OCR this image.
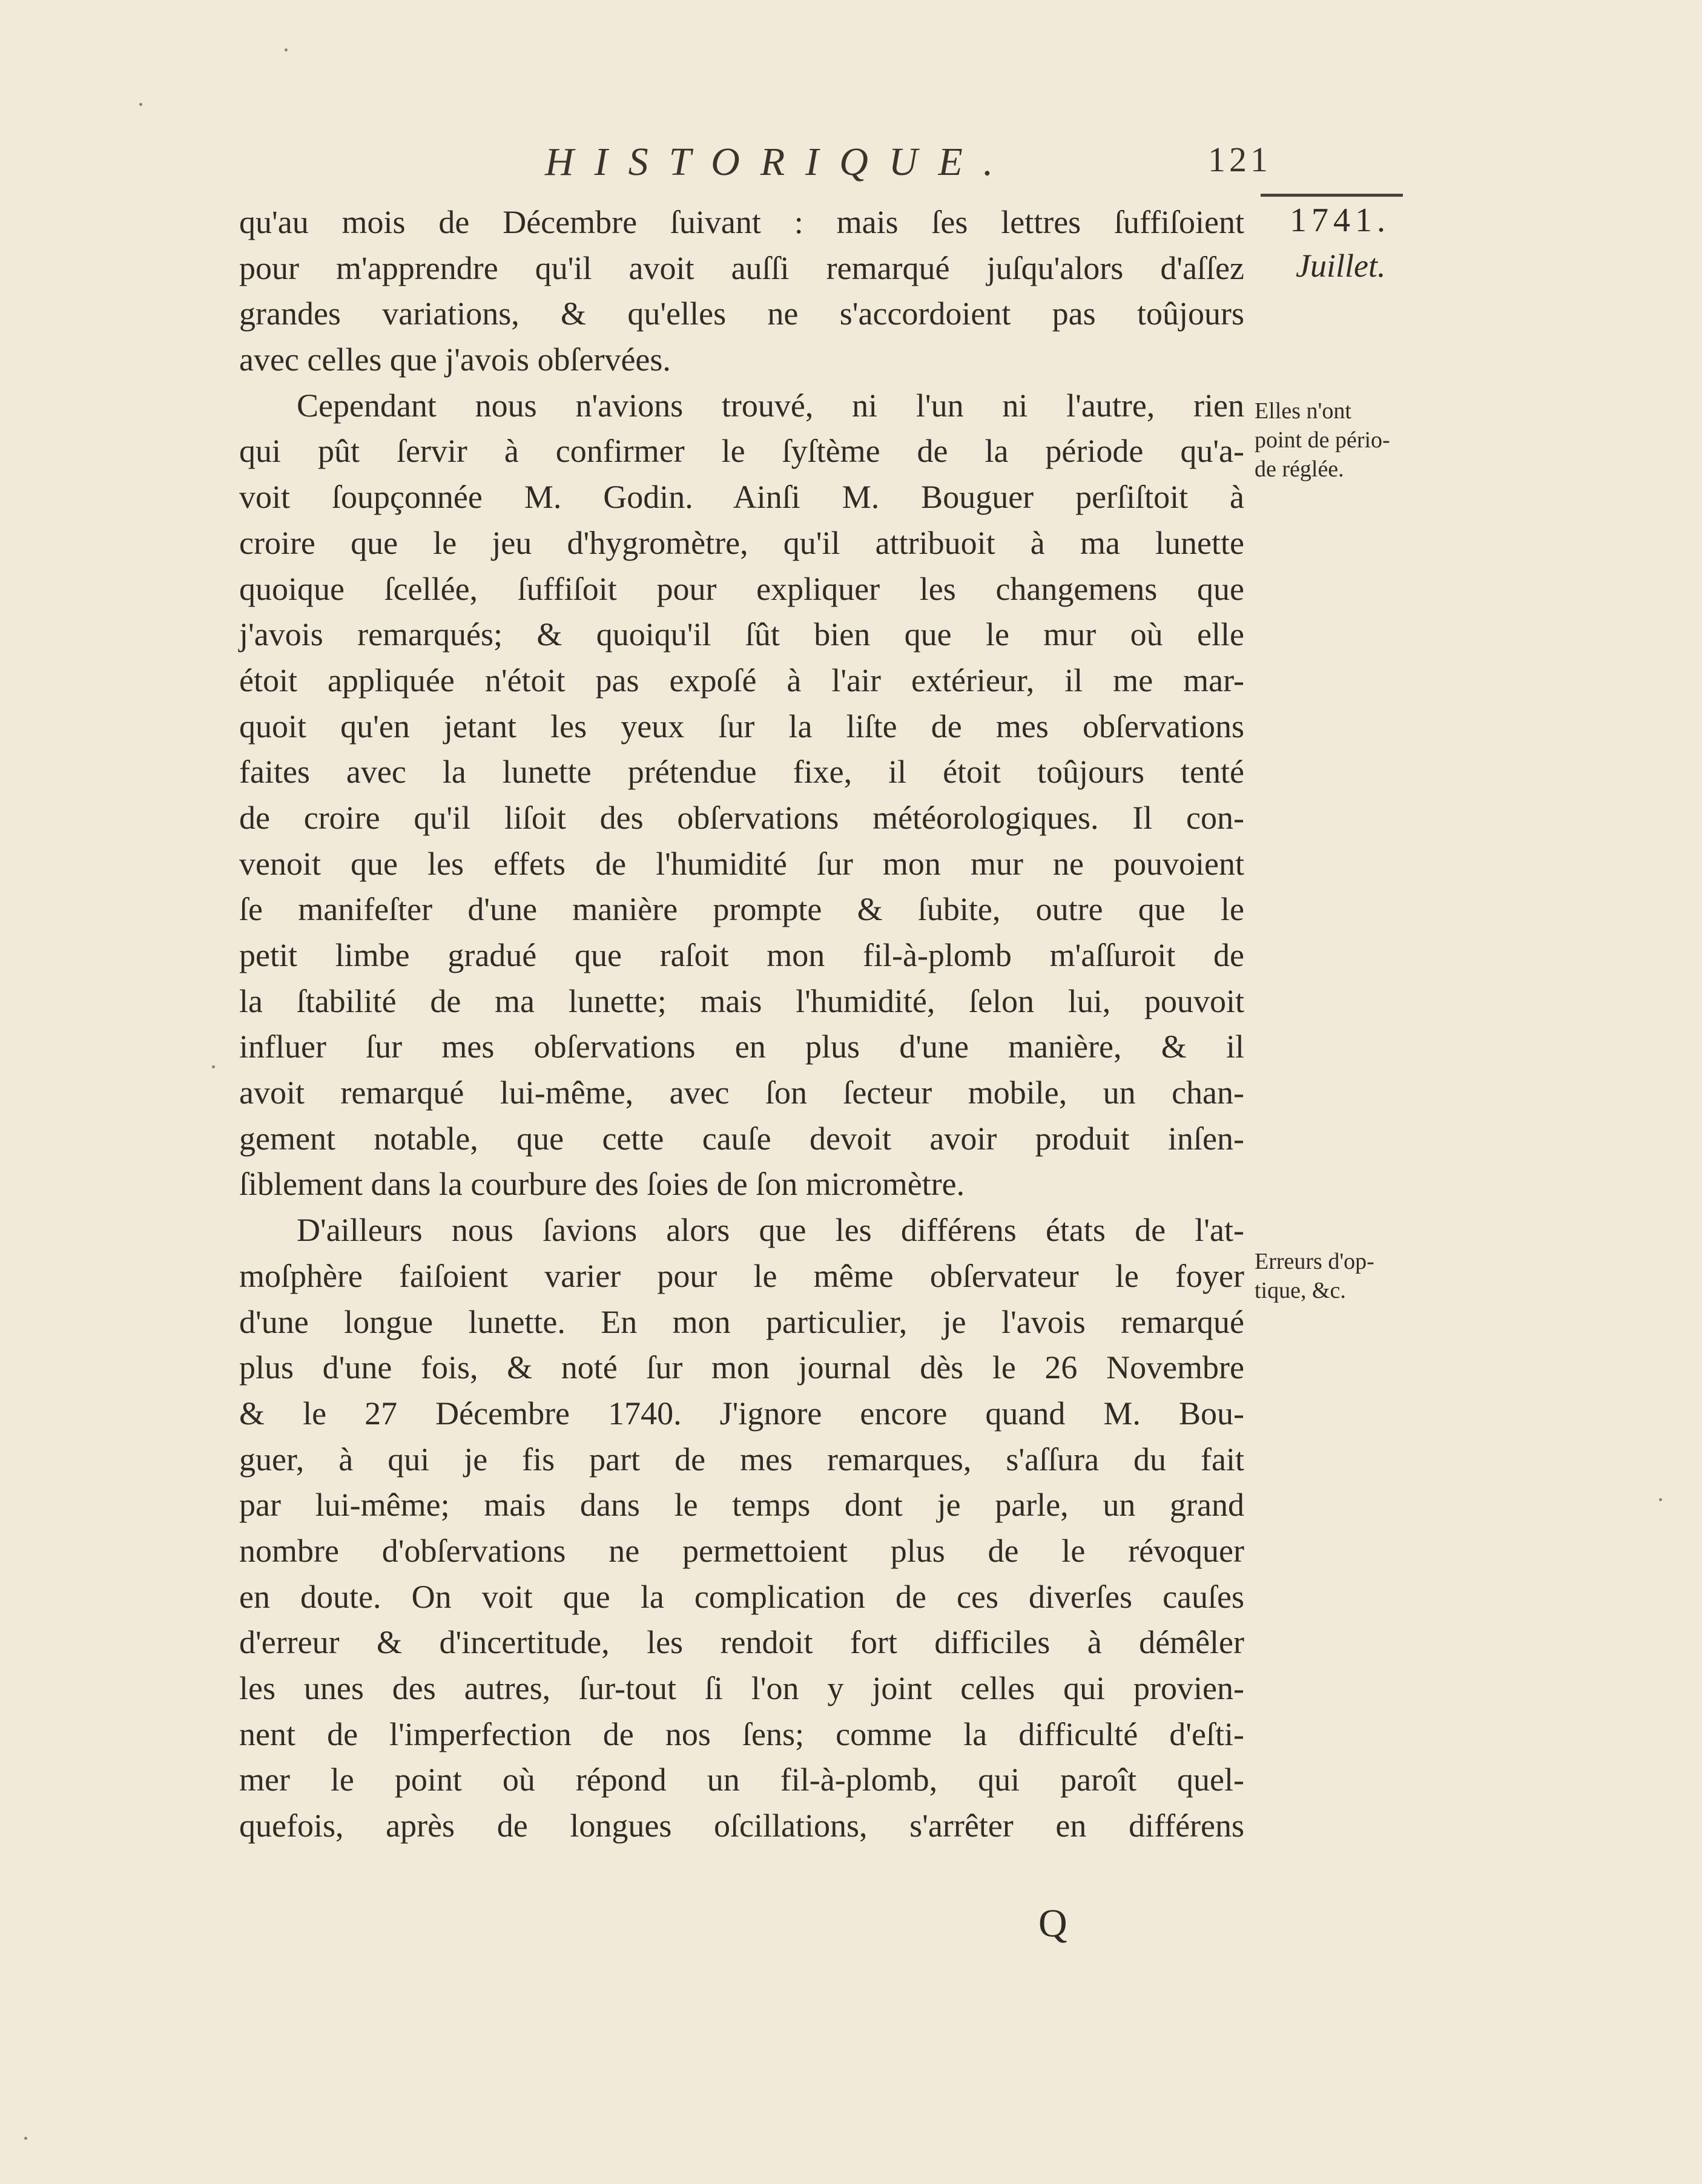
HISTORIQUE.	121
1741.
Juillet.
Elles n'ont
point de pério-
de réglée.
Erreurs d'op-
tique, &c.
qu'au mois de Décembre ſuivant : mais ſes lettres ſuffiſoient
pour m'apprendre qu'il avoit auſſi remarqué juſqu'alors d'aſſez
grandes variations, & qu'elles ne s'accordoient pas toûjours
avec celles que j'avois obſervées.
Cependant nous n'avions trouvé, ni l'un ni l'autre, rien
qui pût ſervir à confirmer le ſyſtème de la période qu'a-
voit ſoupçonnée M. Godin. Ainſi M. Bouguer perſiſtoit à
croire que le jeu d'hygromètre, qu'il attribuoit à ma lunette
quoique ſcellée, ſuffiſoit pour expliquer les changemens que
j'avois remarqués; & quoiqu'il ſût bien que le mur où elle
étoit appliquée n'étoit pas expoſé à l'air extérieur, il me mar-
quoit qu'en jetant les yeux ſur la liſte de mes obſervations
faites avec la lunette prétendue fixe, il étoit toûjours tenté
de croire qu'il liſoit des obſervations météorologiques. Il con-
venoit que les effets de l'humidité ſur mon mur ne pouvoient
ſe manifeſter d'une manière prompte & ſubite, outre que le
petit limbe gradué que raſoit mon fil-à-plomb m'aſſuroit de
la ſtabilité de ma lunette; mais l'humidité, ſelon lui, pouvoit
influer ſur mes obſervations en plus d'une manière, & il
avoit remarqué lui-même, avec ſon ſecteur mobile, un chan-
gement notable, que cette cauſe devoit avoir produit inſen-
ſiblement dans la courbure des ſoies de ſon micromètre.
D'ailleurs nous ſavions alors que les différens états de l'at-
moſphère faiſoient varier pour le même obſervateur le foyer
d'une longue lunette. En mon particulier, je l'avois remarqué
plus d'une fois, & noté ſur mon journal dès le 26 Novembre
& le 27 Décembre 1740. J'ignore encore quand M. Bou-
guer, à qui je fis part de mes remarques, s'aſſura du fait
par lui-même; mais dans le temps dont je parle, un grand
nombre d'obſervations ne permettoient plus de le révoquer
en doute. On voit que la complication de ces diverſes cauſes
d'erreur & d'incertitude, les rendoit fort difficiles à démêler
les unes des autres, ſur-tout ſi l'on y joint celles qui provien-
nent de l'imperfection de nos ſens; comme la difficulté d'eſti-
mer le point où répond un fil-à-plomb, qui paroît quel-
quefois, après de longues oſcillations, s'arrêter en différens
Q
